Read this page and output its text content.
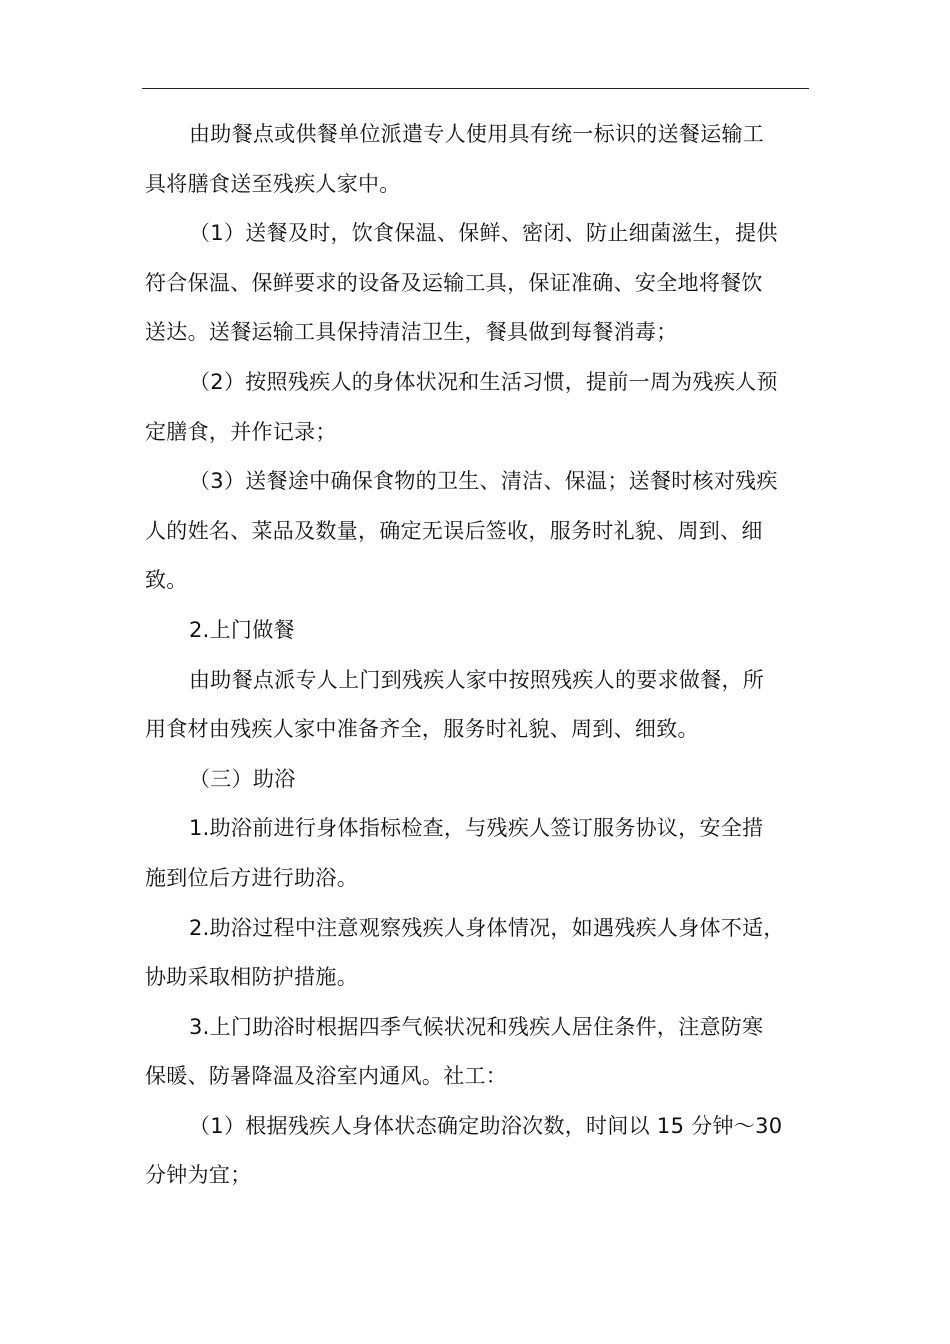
由助餐点或供餐单位派遣专人使用具有统一标识的送餐运输工
具将膳食送至残疾人家中。

（1）送餐及时，饮食保温、保鲜、密闭、防止细菌滋生，提供
符合保温、保鲜要求的设备及运输工具，保证准确、安全地将餐饮
送达。送餐运输工具保持清洁卫生，餐具做到每餐消毒；

（2）按照残疾人的身体状况和生活习惯，提前一周为残疾人预
定膳食，并作记录；

（3）送餐途中确保食物的卫生、清洁、保温；送餐时核对残疾
人的姓名、菜品及数量，确定无误后签收，服务时礼貌、周到、细
致。

2.上门做餐

由助餐点派专人上门到残疾人家中按照残疾人的要求做餐，所
用食材由残疾人家中准备齐全，服务时礼貌、周到、细致。

（三）助浴

1.助浴前进行身体指标检查，与残疾人签订服务协议，安全措
施到位后方进行助浴。

2.助浴过程中注意观察残疾人身体情况，如遇残疾人身体不适，
协助采取相防护措施。

3.上门助浴时根据四季气候状况和残疾人居住条件，注意防寒
保暖、防暑降温及浴室内通风。社工：

（1）根据残疾人身体状态确定助浴次数，时间以 15 分钟～30
分钟为宜；
